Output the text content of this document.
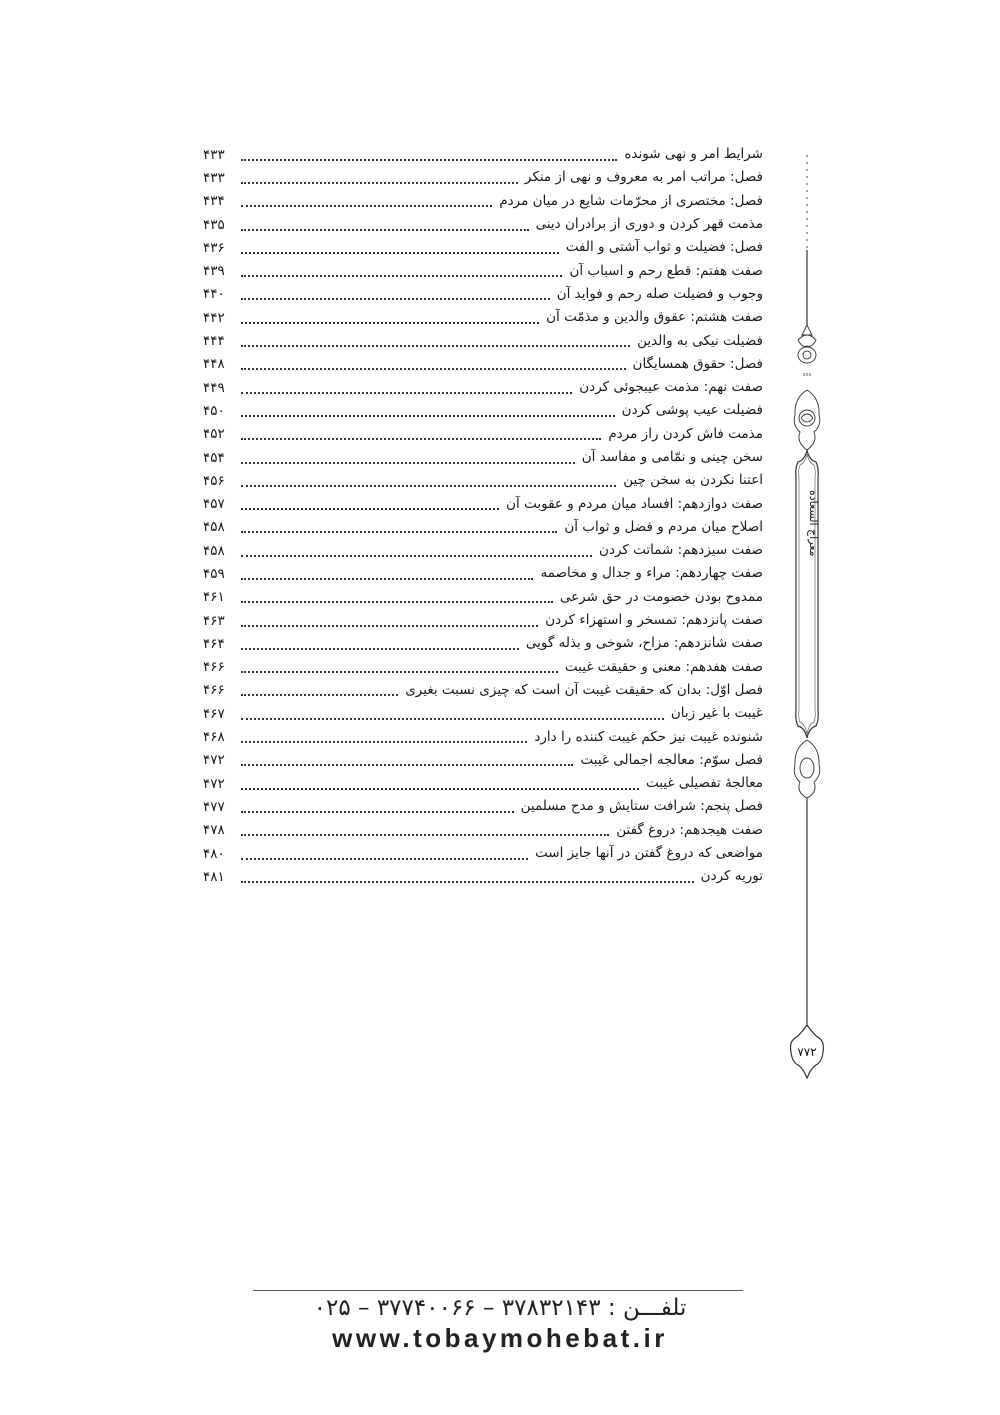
شرایط امر و نهی شونده
۴۳۳
فصل: مراتب امر به معروف و نهی از منکر
۴۳۳
فصل: مختصری از محرّمات شایع در میان مردم
۴۳۴
مذمت قهر کردن و دوری از برادران دینی
۴۳۵
فصل: فضیلت و ثواب آشتی و الفت
۴۳۶
صفت هفتم: قطع رحم و اسباب آن
۴۳۹
وجوب و فضیلت صله رحم و فواید آن
۴۴۰
صفت هشتم: عقوق والدین و مذمّت آن
۴۴۲
فضیلت نیکی به والدین
۴۴۴
فصل: حقوق همسایگان
۴۴۸
صفت نهم: مذمت عیبجوئی کردن
۴۴۹
فضیلت عیب پوشی کردن
۴۵۰
مذمت فاش کردن راز مردم
۴۵۲
سخن چینی و نمّامی و مفاسد آن
۴۵۴
اعتنا نکردن به سخن چین
۴۵۶
صفت دوازدهم: افساد میان مردم و عقوبت آن
۴۵۷
اصلاح میان مردم و فضل و ثواب آن
۴۵۸
صفت سیزدهم: شماتت کردن
۴۵۸
صفت چهاردهم: مراء و جدال و مخاصمه
۴۵۹
ممدوح بودن خصومت در حق شرعی
۴۶۱
صفت پانزدهم: تمسخر و استهزاء کردن
۴۶۳
صفت شانزدهم: مزاح، شوخی و بذله گویی
۴۶۴
صفت هفدهم: معنی و حقیقت غیبت
۴۶۶
فصل اوّل: بدان که حقیقت غیبت آن است که چیزی نسبت بغیری
۴۶۶
غیبت با غیر زبان
۴۶۷
شنونده غیبت نیز حکم غیبت کننده را دارد
۴۶۸
فصل سوّم: معالجه اجمالی غیبت
۴۷۲
معالجۀ تفصیلی غیبت
۴۷۲
فصل پنجم: شرافت ستایش و مدح مسلمین
۴۷۷
صفت هیجدهم: دروغ گفتن
۴۷۸
مواضعی که دروغ گفتن در آنها جایز است
۴۸۰
توریه کردن
۴۸۱
xxx
معراج السعاده
۷۷۲
تلفـــن : ۳۷۸۳۲۱۴۳ – ۳۷۷۴۰۰۶۶ – ۰۲۵
www.tobaymohebat.ir
